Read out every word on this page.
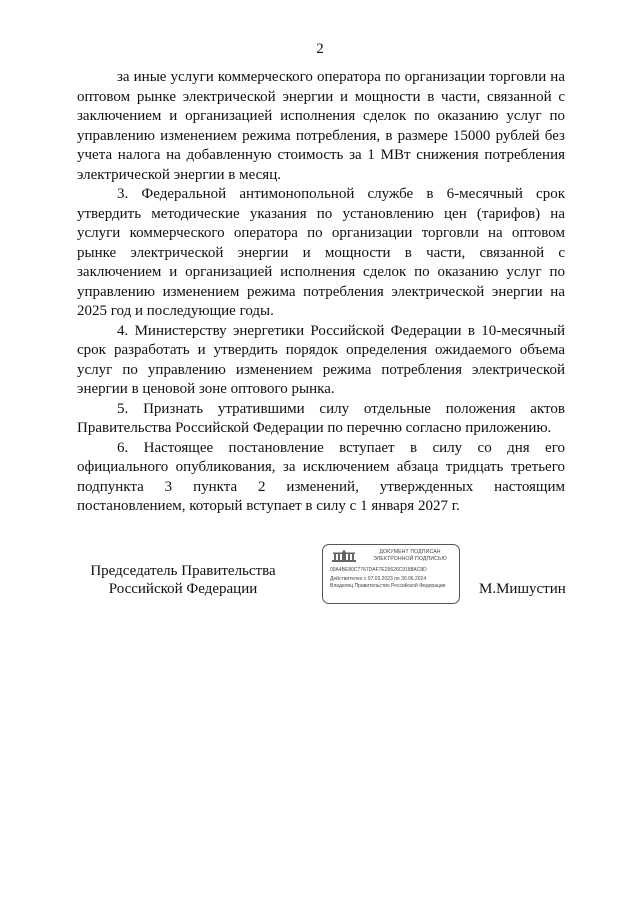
2

за иные услуги коммерческого оператора по организации торговли на оптовом рынке электрической энергии и мощности в части, связанной с заключением и организацией исполнения сделок по оказанию услуг по управлению изменением режима потребления, в размере 15000 рублей без учета налога на добавленную стоимость за 1 МВт снижения потребления электрической энергии в месяц.

3. Федеральной антимонопольной службе в 6-месячный срок утвердить методические указания по установлению цен (тарифов) на услуги коммерческого оператора по организации торговли на оптовом рынке электрической энергии и мощности в части, связанной с заключением и организацией исполнения сделок по оказанию услуг по управлению изменением режима потребления электрической энергии на 2025 год и последующие годы.

4. Министерству энергетики Российской Федерации в 10-месячный срок разработать и утвердить порядок определения ожидаемого объема услуг по управлению изменением режима потребления электрической энергии в ценовой зоне оптового рынка.

5. Признать утратившими силу отдельные положения актов Правительства Российской Федерации по перечню согласно приложению.

6. Настоящее постановление вступает в силу со дня его официального опубликования, за исключением абзаца тридцать третьего подпункта 3 пункта 2 изменений, утвержденных настоящим постановлением, который вступает в силу с 1 января 2027 г.

Председатель Правительства
Российской Федерации
ДОКУМЕНТ ПОДПИСАН
ЭЛЕКТРОННОЙ ПОДПИСЬЮ
00A4BE80C7767DAF7E29626C9188AC8D
Действителен с 07.03.2023 по 30.06.2024
Владелец Правительство Российской Федерации	М.Мишустин
